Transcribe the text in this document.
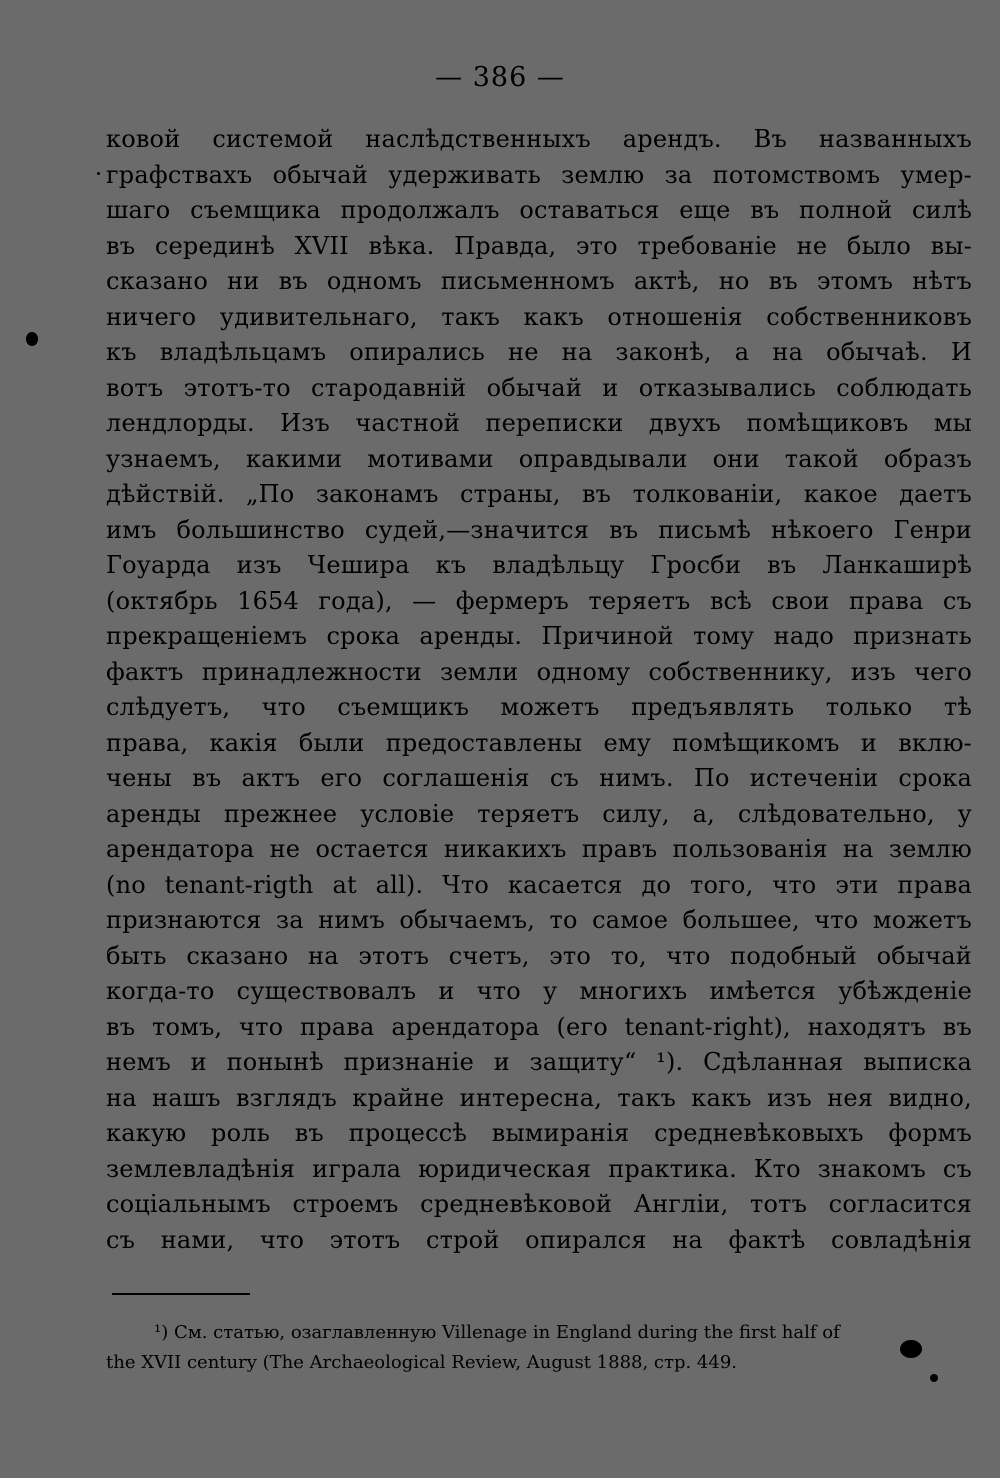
— 386 —
ковой системой наслѣдственныхъ арендъ. Въ названныхъ
графствахъ обычай удерживать землю за потомствомъ умер-
шаго съемщика продолжалъ оставаться еще въ полной силѣ
въ серединѣ XVII вѣка. Правда, это требованіе не было вы-
сказано ни въ одномъ письменномъ актѣ, но въ этомъ нѣтъ
ничего удивительнаго, такъ какъ отношенія собственниковъ
къ владѣльцамъ опирались не на законѣ, а на обычаѣ. И
вотъ этотъ-то стародавній обычай и отказывались соблюдать
лендлорды. Изъ частной переписки двухъ помѣщиковъ мы
узнаемъ, какими мотивами оправдывали они такой образъ
дѣйствій. „По законамъ страны, въ толкованіи, какое даетъ
имъ большинство судей,—значится въ письмѣ нѣкоего Генри
Гоуарда изъ Чешира къ владѣльцу Гросби въ Ланкаширѣ
(октябрь 1654 года), — фермеръ теряетъ всѣ свои права съ
прекращеніемъ срока аренды. Причиной тому надо признать
фактъ принадлежности земли одному собственнику, изъ чего
слѣдуетъ, что съемщикъ можетъ предъявлять только тѣ
права, какія были предоставлены ему помѣщикомъ и вклю-
чены въ актъ его соглашенія съ нимъ. По истеченіи срока
аренды прежнее условіе теряетъ силу, а, слѣдовательно, у
арендатора не остается никакихъ правъ пользованія на землю
(no tenant-rigth at all). Что касается до того, что эти права
признаются за нимъ обычаемъ, то самое большее, что можетъ
быть сказано на этотъ счетъ, это то, что подобный обычай
когда-то существовалъ и что у многихъ имѣется убѣжденіе
въ томъ, что права арендатора (его tenant-right), находятъ въ
немъ и понынѣ признаніе и защиту“ ¹). Сдѣланная выписка
на нашъ взглядъ крайне интересна, такъ какъ изъ нея видно,
какую роль въ процессѣ вымиранія средневѣковыхъ формъ
землевладѣнія играла юридическая практика. Кто знакомъ съ
соціальнымъ строемъ средневѣковой Англіи, тотъ согласится
съ нами, что этотъ строй опирался на фактѣ совладѣнія
¹) См. статью, озаглавленную Villenage in England during the first half of
the XVII century (The Archaeological Review, August 1888, стр. 449.
